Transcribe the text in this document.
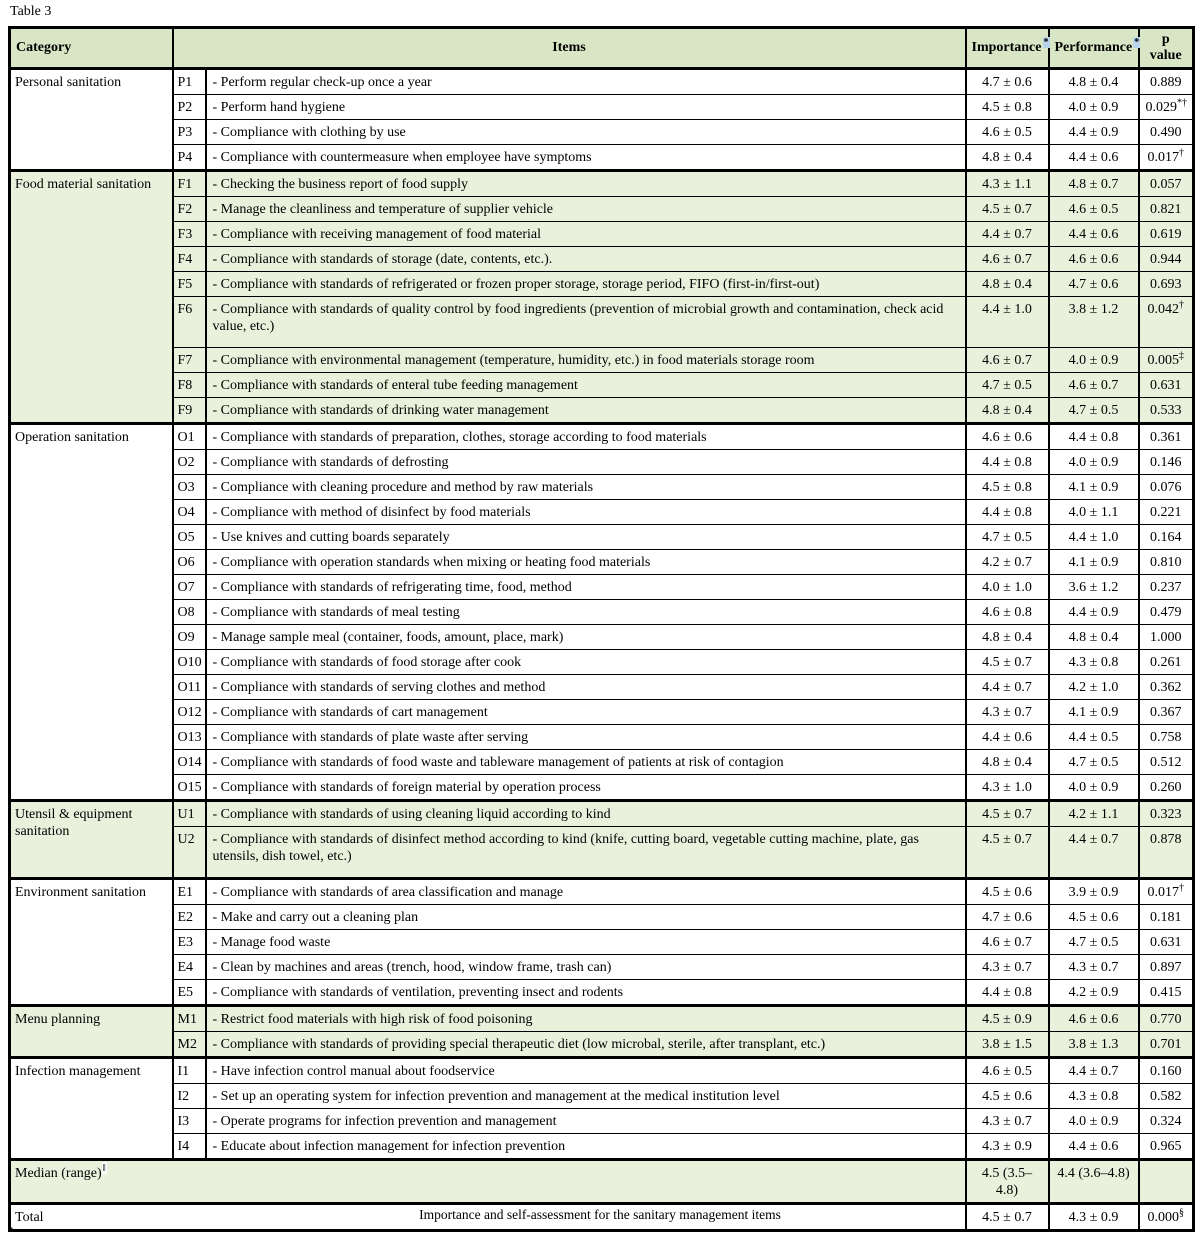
Table 3
Category	Items		Importance *	Performance *	p value
Personal sanitation	P1	- Perform regular check-up once a year	4.7 ± 0.6	4.8 ± 0.4	0.889
	P2	- Perform hand hygiene	4.5 ± 0.8	4.0 ± 0.9	0.029*†
	P3	- Compliance with clothing by use	4.6 ± 0.5	4.4 ± 0.9	0.490
	P4	- Compliance with countermeasure when employee have symptoms	4.8 ± 0.4	4.4 ± 0.6	0.017†
Food material sanitation	F1	- Checking the business report of food supply	4.3 ± 1.1	4.8 ± 0.7	0.057
	F2	- Manage the cleanliness and temperature of supplier vehicle	4.5 ± 0.7	4.6 ± 0.5	0.821
	F3	- Compliance with receiving management of food material	4.4 ± 0.7	4.4 ± 0.6	0.619
	F4	- Compliance with standards of storage (date, contents, etc.).	4.6 ± 0.7	4.6 ± 0.6	0.944
	F5	- Compliance with standards of refrigerated or frozen proper storage, storage period, FIFO (first-in/first-out)	4.8 ± 0.4	4.7 ± 0.6	0.693
	F6	- Compliance with standards of quality control by food ingredients (prevention of microbial growth and contamination, check acid value, etc.)	4.4 ± 1.0	3.8 ± 1.2	0.042†
	F7	- Compliance with environmental management (temperature, humidity, etc.) in food materials storage room	4.6 ± 0.7	4.0 ± 0.9	0.005‡
	F8	- Compliance with standards of enteral tube feeding management	4.7 ± 0.5	4.6 ± 0.7	0.631
	F9	- Compliance with standards of drinking water management	4.8 ± 0.4	4.7 ± 0.5	0.533
Operation sanitation	O1	- Compliance with standards of preparation, clothes, storage according to food materials	4.6 ± 0.6	4.4 ± 0.8	0.361
	O2	- Compliance with standards of defrosting	4.4 ± 0.8	4.0 ± 0.9	0.146
	O3	- Compliance with cleaning procedure and method by raw materials	4.5 ± 0.8	4.1 ± 0.9	0.076
	O4	- Compliance with method of disinfect by food materials	4.4 ± 0.8	4.0 ± 1.1	0.221
	O5	- Use knives and cutting boards separately	4.7 ± 0.5	4.4 ± 1.0	0.164
	O6	- Compliance with operation standards when mixing or heating food materials	4.2 ± 0.7	4.1 ± 0.9	0.810
	O7	- Compliance with standards of refrigerating time, food, method	4.0 ± 1.0	3.6 ± 1.2	0.237
	O8	- Compliance with standards of meal testing	4.6 ± 0.8	4.4 ± 0.9	0.479
	O9	- Manage sample meal (container, foods, amount, place, mark)	4.8 ± 0.4	4.8 ± 0.4	1.000
	O10	- Compliance with standards of food storage after cook	4.5 ± 0.7	4.3 ± 0.8	0.261
	O11	- Compliance with standards of serving clothes and method	4.4 ± 0.7	4.2 ± 1.0	0.362
	O12	- Compliance with standards of cart management	4.3 ± 0.7	4.1 ± 0.9	0.367
	O13	- Compliance with standards of plate waste after serving	4.4 ± 0.6	4.4 ± 0.5	0.758
	O14	- Compliance with standards of food waste and tableware management of patients at risk of contagion	4.8 ± 0.4	4.7 ± 0.5	0.512
	O15	- Compliance with standards of foreign material by operation process	4.3 ± 1.0	4.0 ± 0.9	0.260
Utensil & equipment sanitation	U1	- Compliance with standards of using cleaning liquid according to kind	4.5 ± 0.7	4.2 ± 1.1	0.323
	U2	- Compliance with standards of disinfect method according to kind (knife, cutting board, vegetable cutting machine, plate, gas utensils, dish towel, etc.)	4.5 ± 0.7	4.4 ± 0.7	0.878
Environment sanitation	E1	- Compliance with standards of area classification and manage	4.5 ± 0.6	3.9 ± 0.9	0.017†
	E2	- Make and carry out a cleaning plan	4.7 ± 0.6	4.5 ± 0.6	0.181
	E3	- Manage food waste	4.6 ± 0.7	4.7 ± 0.5	0.631
	E4	- Clean by machines and areas (trench, hood, window frame, trash can)	4.3 ± 0.7	4.3 ± 0.7	0.897
	E5	- Compliance with standards of ventilation, preventing insect and rodents	4.4 ± 0.8	4.2 ± 0.9	0.415
Menu planning	M1	- Restrict food materials with high risk of food poisoning	4.5 ± 0.9	4.6 ± 0.6	0.770
	M2	- Compliance with standards of providing special therapeutic diet (low microbal, sterile, after transplant, etc.)	3.8 ± 1.5	3.8 ± 1.3	0.701
Infection management	I1	- Have infection control manual about foodservice	4.6 ± 0.5	4.4 ± 0.7	0.160
	I2	- Set up an operating system for infection prevention and management at the medical institution level	4.5 ± 0.6	4.3 ± 0.8	0.582
	I3	- Operate programs for infection prevention and management	4.3 ± 0.7	4.0 ± 0.9	0.324
	I4	- Educate about infection management for infection prevention	4.3 ± 0.9	4.4 ± 0.6	0.965
Median (range)‖			4.5 (3.5–4.8)	4.4 (3.6–4.8)	
Total			4.5 ± 0.7	4.3 ± 0.9	0.000§
Importance and self-assessment for the sanitary management items
.
